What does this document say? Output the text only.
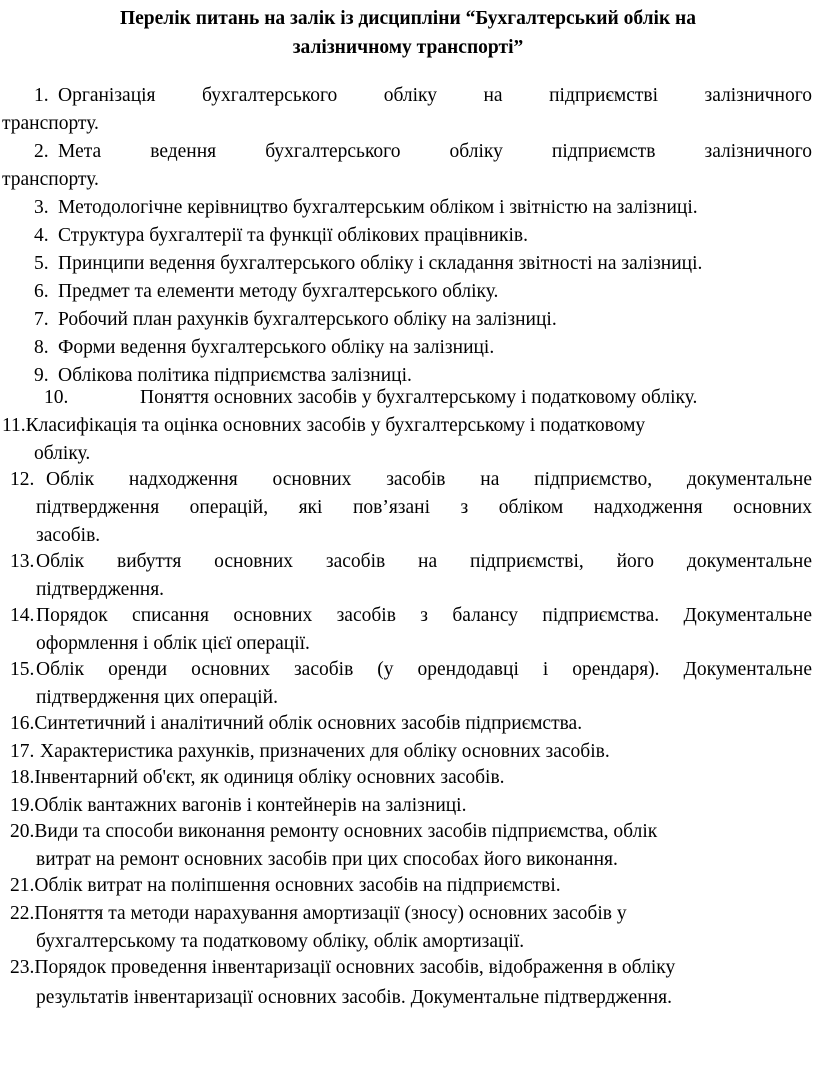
Перелік питань на залік із дисципліни “Бухгалтерський облік на
залізничному транспорті”
1. Організація бухгалтерського обліку на підприємстві залізничного
транспорту.
2. Мета ведення бухгалтерського обліку підприємств залізничного
транспорту.
3. Методологічне керівництво бухгалтерським обліком і звітністю на залізниці.
4. Структура бухгалтерії та функції облікових працівників.
5. Принципи ведення бухгалтерського обліку і складання звітності на залізниці.
6. Предмет та елементи методу бухгалтерського обліку.
7. Робочий план рахунків бухгалтерського обліку на залізниці.
8. Форми ведення бухгалтерського обліку на залізниці.
9. Облікова політика підприємства залізниці.
10.	Поняття основних засобів у бухгалтерському і податковому обліку.
11.Класифікація та оцінка основних засобів у бухгалтерському і податковому
обліку.
12. Облік надходження основних засобів на підприємство, документальне
підтвердження операцій, які пов’язані з обліком надходження основних
засобів.
13. Облік вибуття основних засобів на підприємстві, його документальне
підтвердження.
14. Порядок списання основних засобів з балансу підприємства. Документальне
оформлення і облік цієї операції.
15. Облік оренди основних засобів (у орендодавці і орендаря). Документальне
підтвердження цих операцій.
16.Синтетичний і аналітичний облік основних засобів підприємства.
17. Характеристика рахунків, призначених для обліку основних засобів.
18.Інвентарний об'єкт, як одиниця обліку основних засобів.
19.Облік вантажних вагонів і контейнерів на залізниці.
20.Види та способи виконання ремонту основних засобів підприємства, облік
витрат на ремонт основних засобів при цих способах його виконання.
21.Облік витрат на поліпшення основних засобів на підприємстві.
22.Поняття та методи нарахування амортизації (зносу) основних засобів у
бухгалтерському та податковому обліку, облік амортизації.
23.Порядок проведення інвентаризації основних засобів, відображення в обліку
результатів інвентаризації основних засобів. Документальне підтвердження.
